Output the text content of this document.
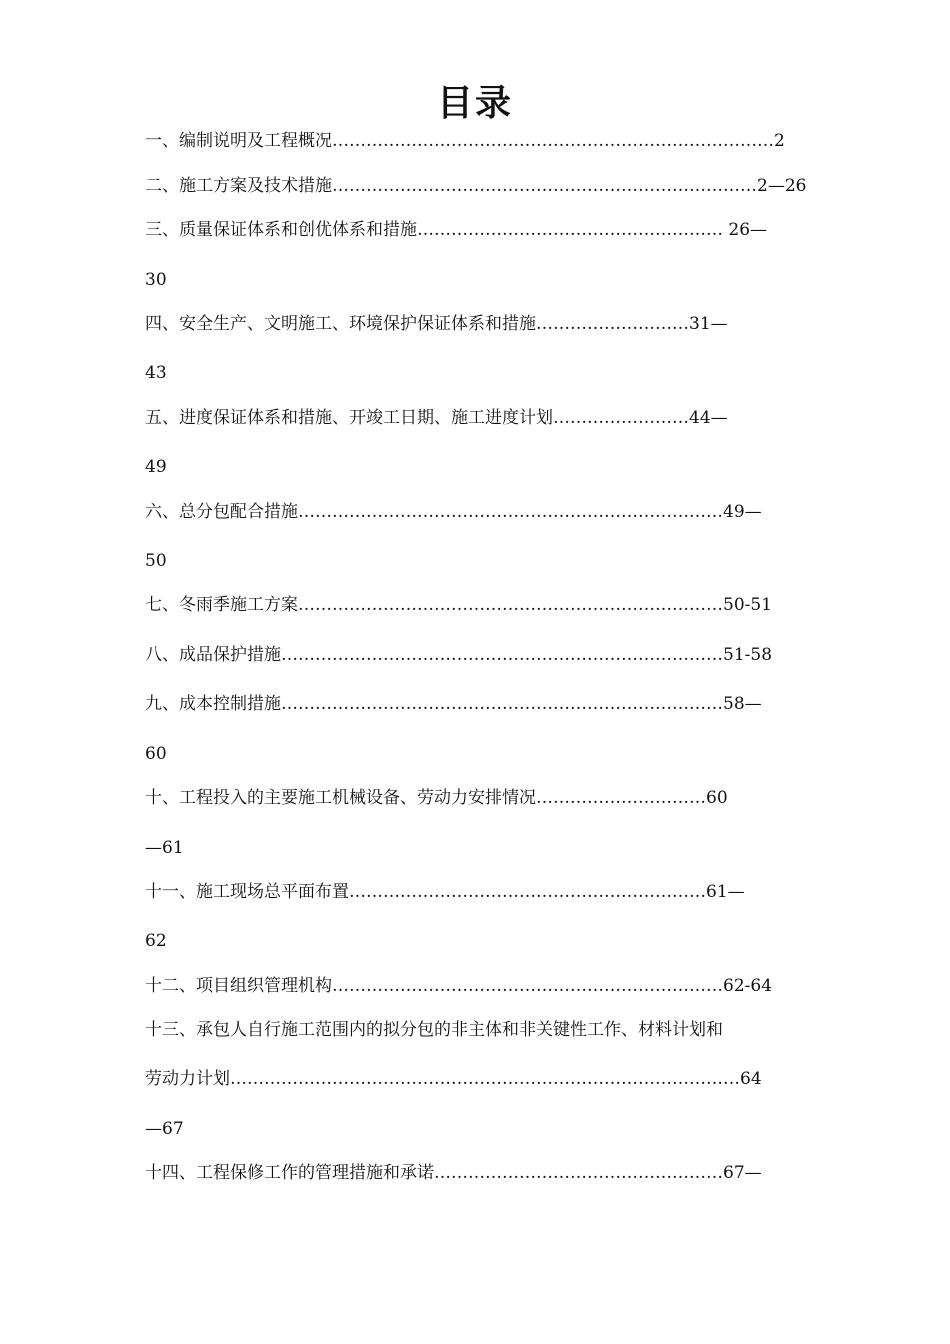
目录
一、编制说明及工程概况……………………………………………………………………2
二、施工方案及技术措施…………………………………………………………………2—26
三、质量保证体系和创优体系和措施……………………………………………… 26—
30
四、安全生产、文明施工、环境保护保证体系和措施………………………31—
43
五、进度保证体系和措施、开竣工日期、施工进度计划……………………44—
49
六、总分包配合措施…………………………………………………………………49—
50
七、冬雨季施工方案…………………………………………………………………50-51
八、成品保护措施……………………………………………………………………51-58
九、成本控制措施……………………………………………………………………58—
60
十、工程投入的主要施工机械设备、劳动力安排情况…………………………60
—61
十一、施工现场总平面布置………………………………………………………61—
62
十二、项目组织管理机构……………………………………………………………62-64
十三、承包人自行施工范围内的拟分包的非主体和非关键性工作、材料计划和
劳动力计划………………………………………………………………………………64
—67
十四、工程保修工作的管理措施和承诺……………………………………………67—
